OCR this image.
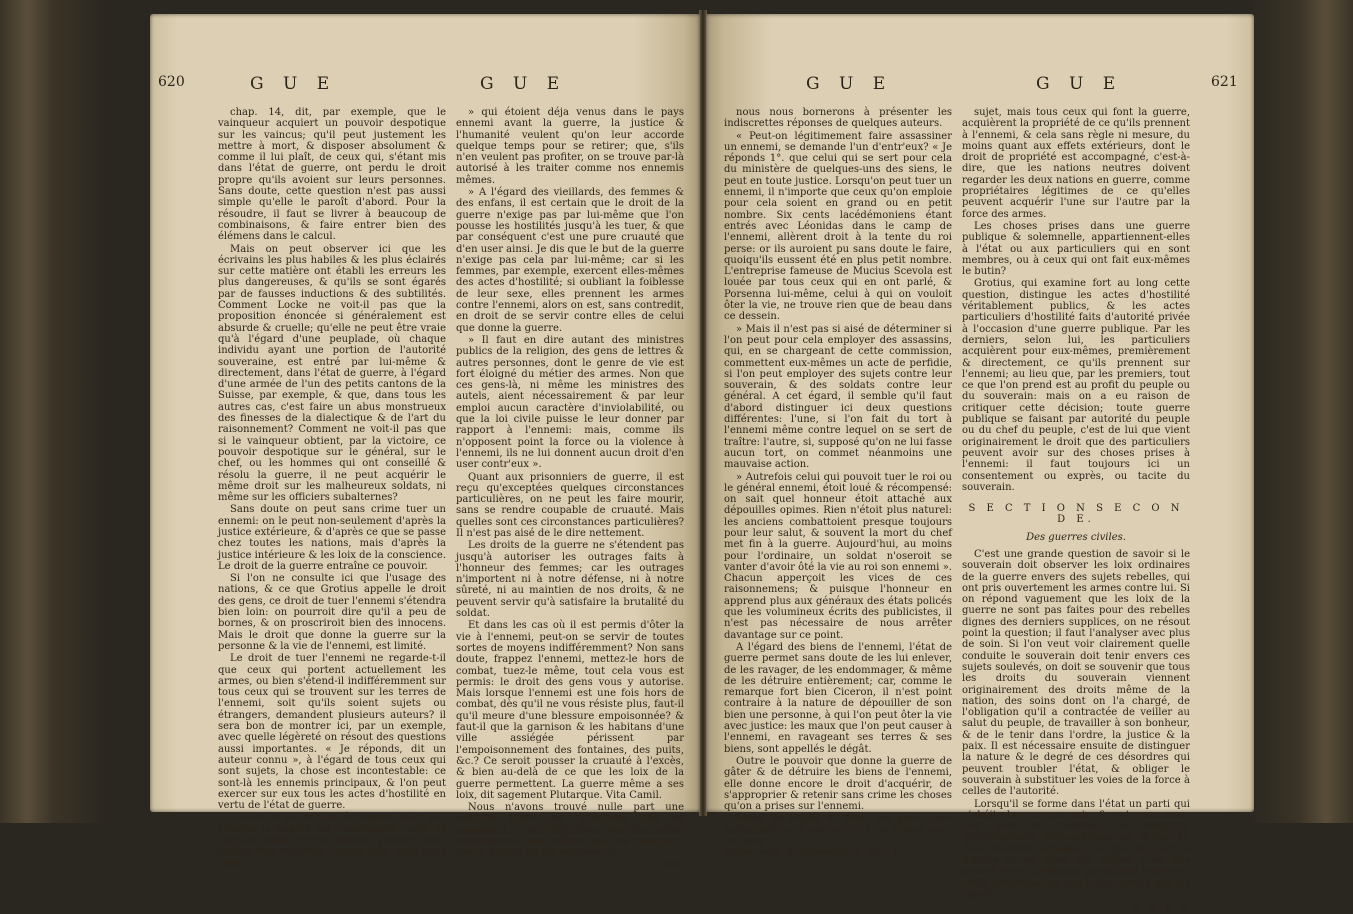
620	G U E	G U E

chap. 14, dit, par exemple, que le vainqueur acquiert un pouvoir despotique sur les vaincus; qu'il peut justement les mettre à mort, & disposer absolument & comme il lui plaît, de ceux qui, s'étant mis dans l'état de guerre, ont perdu le droit propre qu'ils avoient sur leurs personnes. Sans doute, cette question n'est pas aussi simple qu'elle le paroît d'abord. Pour la résoudre, il faut se livrer à beaucoup de combinaisons, & faire entrer bien des élémens dans le calcul.

Mais on peut observer ici que les écrivains les plus habiles & les plus éclairés sur cette matière ont établi les erreurs les plus dangereuses, & qu'ils se sont égarés par de fausses inductions & des subtilités. Comment Locke ne voit-il pas que la proposition énoncée si généralement est absurde & cruelle; qu'elle ne peut être vraie qu'à l'égard d'une peuplade, où chaque individu ayant une portion de l'autorité souveraine, est entré par lui-même & directement, dans l'état de guerre, à l'égard d'une armée de l'un des petits cantons de la Suisse, par exemple, & que, dans tous les autres cas, c'est faire un abus monstrueux des finesses de la dialectique & de l'art du raisonnement? Comment ne voit-il pas que si le vainqueur obtient, par la victoire, ce pouvoir despotique sur le général, sur le chef, ou les hommes qui ont conseillé & résolu la guerre, il ne peut acquérir le même droit sur les malheureux soldats, ni même sur les officiers subalternes?

Sans doute on peut sans crime tuer un ennemi: on le peut non-seulement d'après la justice extérieure, & d'après ce que se passe chez toutes les nations, mais d'après la justice intérieure & les loix de la conscience. Le droit de la guerre entraîne ce pouvoir.

Si l'on ne consulte ici que l'usage des nations, & ce que Grotius appelle le droit des gens, ce droit de tuer l'ennemi s'étendra bien loin: on pourroit dire qu'il a peu de bornes, & on proscriroit bien des innocens. Mais le droit que donne la guerre sur la personne & la vie de l'ennemi, est limité.

Le droit de tuer l'ennemi ne regarde-t-il que ceux qui portent actuellement les armes, ou bien s'étend-il indifféremment sur tous ceux qui se trouvent sur les terres de l'ennemi, soit qu'ils soient sujets ou étrangers, demandent plusieurs auteurs? il sera bon de montrer ici, par un exemple, avec quelle légèreté on résout des questions aussi importantes. « Je réponds, dit un auteur connu », à l'égard de tous ceux qui sont sujets, la chose est incontestable: ce sont-là les ennemis principaux, & l'on peut exercer sur eux tous les actes d'hostilité en vertu de l'état de guerre.

» Pour ce qui est des étrangers, ceux qui, lorsque la guerre est commencée, vont, le sachant, dans le pays ennemi, peuvent avec justice être regardés comme tels; mais pour ceux

» qui étoient déja venus dans le pays ennemi avant la guerre, la justice & l'humanité veulent qu'on leur accorde quelque temps pour se retirer; que, s'ils n'en veulent pas profiter, on se trouve par-là autorisé à les traiter comme nos ennemis mêmes.

» A l'égard des vieillards, des femmes & des enfans, il est certain que le droit de la guerre n'exige pas par lui-même que l'on pousse les hostilités jusqu'à les tuer, & que par conséquent c'est une pure cruauté que d'en user ainsi. Je dis que le but de la guerre n'exige pas cela par lui-même; car si les femmes, par exemple, exercent elles-mêmes des actes d'hostilité; si oubliant la foiblesse de leur sexe, elles prennent les armes contre l'ennemi, alors on est, sans contredit, en droit de se servir contre elles de celui que donne la guerre.

» Il faut en dire autant des ministres publics de la religion, des gens de lettres & autres personnes, dont le genre de vie est fort éloigné du métier des armes. Non que ces gens-là, ni même les ministres des autels, aient nécessairement & par leur emploi aucun caractère d'inviolabilité, ou que la loi civile puisse le leur donner par rapport à l'ennemi: mais, comme ils n'opposent point la force ou la violence à l'ennemi, ils ne lui donnent aucun droit d'en user contr'eux ».

Quant aux prisonniers de guerre, il est reçu qu'exceptées quelques circonstances particulières, on ne peut les faire mourir, sans se rendre coupable de cruauté. Mais quelles sont ces circonstances particulières? Il n'est pas aisé de le dire nettement.

Les droits de la guerre ne s'étendent pas jusqu'à autoriser les outrages faits à l'honneur des femmes; car les outrages n'importent ni à notre défense, ni à notre sûreté, ni au maintien de nos droits, & ne peuvent servir qu'à satisfaire la brutalité du soldat.

Et dans les cas où il est permis d'ôter la vie à l'ennemi, peut-on se servir de toutes sortes de moyens indifféremment? Non sans doute, frappez l'ennemi, mettez-le hors de combat, tuez-le même, tout cela vous est permis: le droit des gens vous y autorise. Mais lorsque l'ennemi est une fois hors de combat, dès qu'il ne vous résiste plus, faut-il qu'il meure d'une blessure empoisonnée? & faut-il que la garnison & les habitans d'une ville assiégée périssent par l'empoisonnement des fontaines, des puits, &c.? Ce seroit pousser la cruauté à l'excès, & bien au-delà de ce que les loix de la guerre permettent. La guerre même a ses loix, dit sagement Plutarque. Vita Camil.

Nous n'avons trouvé nulle part une solution juste des questions que se proposent ici les publicistes: leur discussion demanderoit des détails que ne comporte pas la nature de cet ouvrage, &

nous
G U E	G U E	621

nous nous bornerons à présenter les indiscrettes réponses de quelques auteurs.

« Peut-on légitimement faire assassiner un ennemi, se demande l'un d'entr'eux? « Je réponds 1°. que celui qui se sert pour cela du ministère de quelques-uns des siens, le peut en toute justice. Lorsqu'on peut tuer un ennemi, il n'importe que ceux qu'on emploie pour cela soient en grand ou en petit nombre. Six cents lacédémoniens étant entrés avec Léonidas dans le camp de l'ennemi, allèrent droit à la tente du roi perse: or ils auroient pu sans doute le faire, quoiqu'ils eussent été en plus petit nombre. L'entreprise fameuse de Mucius Scevola est louée par tous ceux qui en ont parlé, & Porsenna lui-même, celui à qui on vouloit ôter la vie, ne trouve rien que de beau dans ce dessein.

» Mais il n'est pas si aisé de déterminer si l'on peut pour cela employer des assassins, qui, en se chargeant de cette commission, commettent eux-mêmes un acte de perfidie, si l'on peut employer des sujets contre leur souverain, & des soldats contre leur général. A cet égard, il semble qu'il faut d'abord distinguer ici deux questions différentes: l'une, si l'on fait du tort à l'ennemi même contre lequel on se sert de traître: l'autre, si, supposé qu'on ne lui fasse aucun tort, on commet néanmoins une mauvaise action.

» Autrefois celui qui pouvoit tuer le roi ou le général ennemi, étoit loué & récompensé: on sait quel honneur étoit attaché aux dépouilles opimes. Rien n'étoit plus naturel: les anciens combattoient presque toujours pour leur salut, & souvent la mort du chef met fin à la guerre. Aujourd'hui, au moins pour l'ordinaire, un soldat n'oseroit se vanter d'avoir ôté la vie au roi son ennemi ». Chacun apperçoit les vices de ces raisonnemens; & puisque l'honneur en apprend plus aux généraux des états policés que les volumineux écrits des publicistes, il n'est pas nécessaire de nous arrêter davantage sur ce point.

A l'égard des biens de l'ennemi, l'état de guerre permet sans doute de les lui enlever, de les ravager, de les endommager, & même de les détruire entièrement; car, comme le remarque fort bien Ciceron, il n'est point contraire à la nature de dépouiller de son bien une personne, à qui l'on peut ôter la vie avec justice: les maux que l'on peut causer à l'ennemi, en ravageant ses terres & ses biens, sont appellés le dégât.

Outre le pouvoir que donne la guerre de gâter & de détruire les biens de l'ennemi, elle donne encore le droit d'acquérir, de s'approprier & retenir sans crime les choses qu'on a prises sur l'ennemi.

Selon les règles du droit des gens, non-seulement ceux qui ont pris les armes pour un juste

Œcon. polit. & diplomatique. Tom. II.

sujet, mais tous ceux qui font la guerre, acquièrent la propriété de ce qu'ils prennent à l'ennemi, & cela sans règle ni mesure, du moins quant aux effets extérieurs, dont le droit de propriété est accompagné, c'est-à-dire, que les nations neutres doivent regarder les deux nations en guerre, comme propriétaires légitimes de ce qu'elles peuvent acquérir l'une sur l'autre par la force des armes.

Les choses prises dans une guerre publique & solemnelle, appartiennent-elles à l'état ou aux particuliers qui en sont membres, ou à ceux qui ont fait eux-mêmes le butin?

Grotius, qui examine fort au long cette question, distingue les actes d'hostilité véritablement publics, & les actes particuliers d'hostilité faits d'autorité privée à l'occasion d'une guerre publique. Par les derniers, selon lui, les particuliers acquièrent pour eux-mêmes, premièrement & directement, ce qu'ils prennent sur l'ennemi; au lieu que, par les premiers, tout ce que l'on prend est au profit du peuple ou du souverain: mais on a eu raison de critiquer cette décision; toute guerre publique se faisant par autorité du peuple ou du chef du peuple, c'est de lui que vient originairement le droit que des particuliers peuvent avoir sur des choses prises à l'ennemi: il faut toujours ici un consentement ou exprès, ou tacite du souverain.

S E C T I O N S E C O N D E.
Des guerres civiles.

C'est une grande question de savoir si le souverain doit observer les loix ordinaires de la guerre envers des sujets rebelles, qui ont pris ouvertement les armes contre lui. Si on répond vaguement que les loix de la guerre ne sont pas faites pour des rebelles dignes des derniers supplices, on ne résout point la question; il faut l'analyser avec plus de soin. Si l'on veut voir clairement quelle conduite le souverain doit tenir envers ces sujets soulevés, on doit se souvenir que tous les droits du souverain viennent originairement des droits même de la nation, des soins dont on l'a chargé, de l'obligation qu'il a contractée de veiller au salut du peuple, de travailler à son bonheur, & de le tenir dans l'ordre, la justice & la paix. Il est nécessaire ensuite de distinguer la nature & le degré de ces désordres qui peuvent troubler l'état, & obliger le souverain à substituer les voies de la force à celles de l'autorité.

Lorsqu'il se forme dans l'état un parti qui n'obéit plus au souverain, & se trouve assez fort pour lui résister; ou lorsqu'un gouvernement démocratique se divise en deux factions opposées, & que de part & d'autre on en vient aux armes, c'est une guerre civile. Quelques publicistes réservent cette dénomination aux justes armes que les sujets

K k k k
